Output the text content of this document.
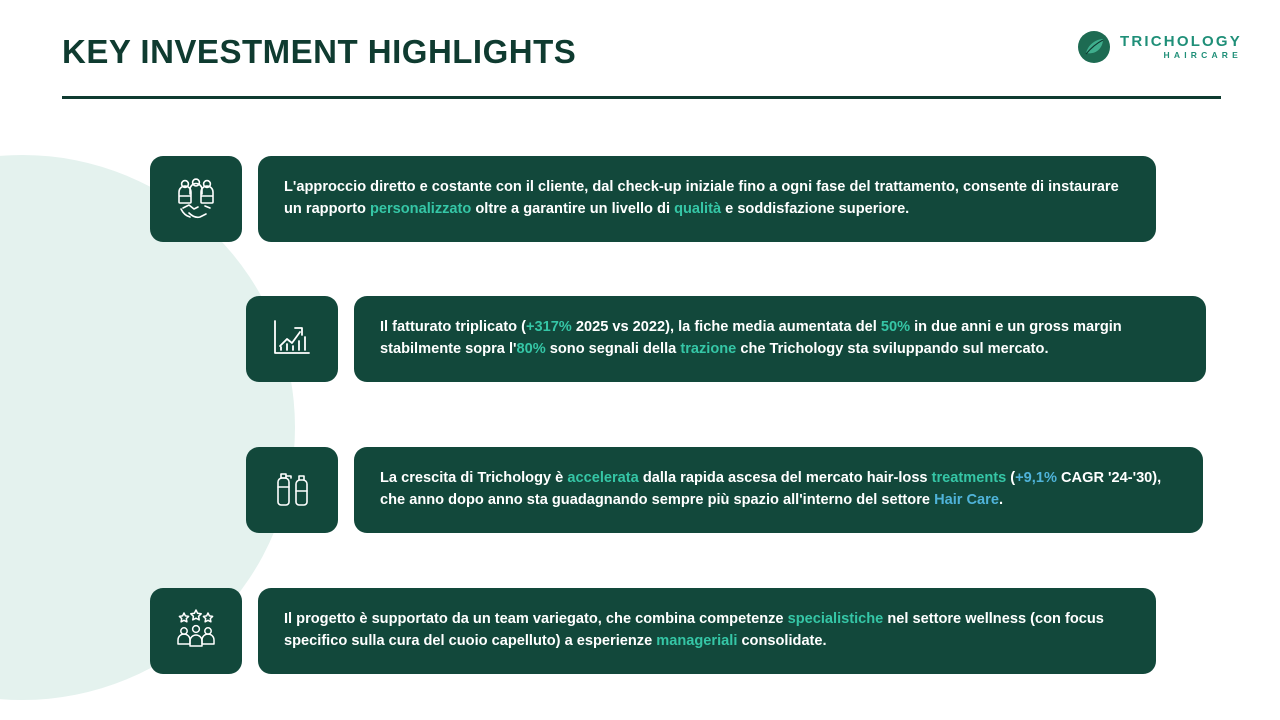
KEY INVESTMENT HIGHLIGHTS	TRICHOLOGY
HAIRCARE

L'approccio diretto e costante con il cliente, dal check-up iniziale fino a ogni fase del trattamento, consente di instaurare un rapporto personalizzato oltre a garantire un livello di qualità e soddisfazione superiore.

Il fatturato triplicato (+317% 2025 vs 2022), la fiche media aumentata del 50% in due anni e un gross margin stabilmente sopra l'80% sono segnali della trazione che Trichology sta sviluppando sul mercato.

La crescita di Trichology è accelerata dalla rapida ascesa del mercato hair-loss treatments (+9,1% CAGR '24-'30), che anno dopo anno sta guadagnando sempre più spazio all'interno del settore Hair Care.

Il progetto è supportato da un team variegato, che combina competenze specialistiche nel settore wellness (con focus specifico sulla cura del cuoio capelluto) a esperienze manageriali consolidate.
